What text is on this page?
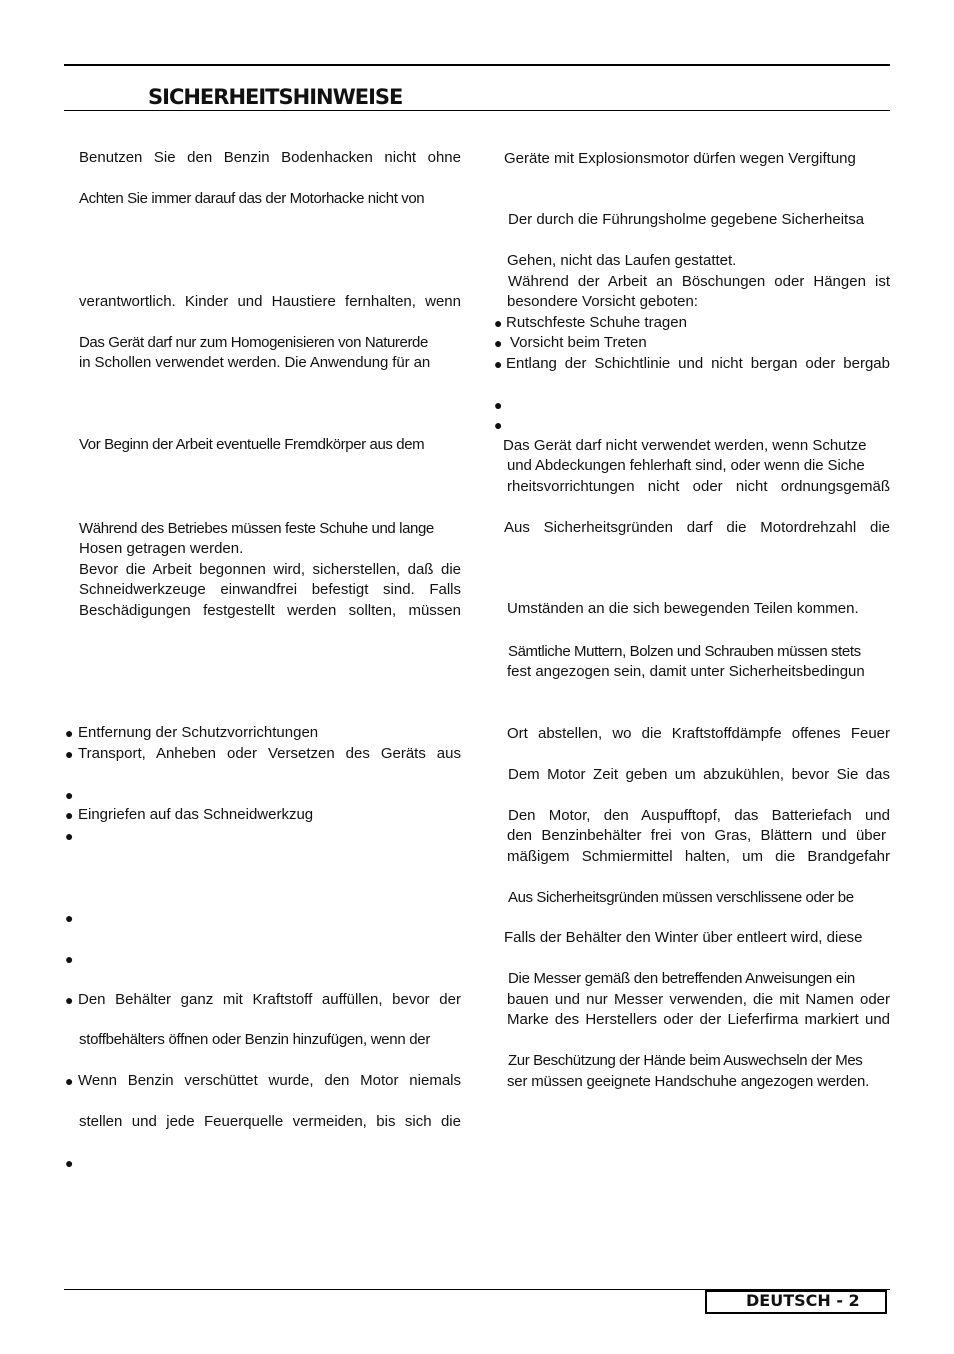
SICHERHEITSHINWEISE
Benutzen Sie den Benzin Bodenhacken nicht ohne
Achten Sie immer darauf das der Motorhacke nicht von
verantwortlich. Kinder und Haustiere fernhalten, wenn
Das Gerät darf nur zum Homogenisieren von Naturerde
in Schollen verwendet werden. Die Anwendung für an
Vor Beginn der Arbeit eventuelle Fremdkörper aus dem
Während des Betriebes müssen feste Schuhe und lange
Hosen getragen werden.
Bevor die Arbeit begonnen wird, sicherstellen, daß die
Schneidwerkzeuge einwandfrei befestigt sind. Falls
Beschädigungen festgestellt werden sollten, müssen
● Entfernung der Schutzvorrichtungen
● Transport, Anheben oder Versetzen des Geräts aus
●
● Eingriefen auf das Schneidwerkzug
●
●
●
● Den Behälter ganz mit Kraftstoff auffüllen, bevor der
stoffbehälters öffnen oder Benzin hinzufügen, wenn der
● Wenn Benzin verschüttet wurde, den Motor niemals
stellen und jede Feuerquelle vermeiden, bis sich die
●
Geräte mit Explosionsmotor dürfen wegen Vergiftung
Der durch die Führungsholme gegebene Sicherheitsa
Gehen, nicht das Laufen gestattet.
Während der Arbeit an Böschungen oder Hängen ist
besondere Vorsicht geboten:
● Rutschfeste Schuhe tragen
● Vorsicht beim Treten
● Entlang der Schichtlinie und nicht bergan oder bergab
●
●
Das Gerät darf nicht verwendet werden, wenn Schutze
und Abdeckungen fehlerhaft sind, oder wenn die Siche
rheitsvorrichtungen nicht oder nicht ordnungsgemäß
Aus Sicherheitsgründen darf die Motordrehzahl die
Umständen an die sich bewegenden Teilen kommen.
Sämtliche Muttern, Bolzen und Schrauben müssen stets
fest angezogen sein, damit unter Sicherheitsbedingun
Ort abstellen, wo die Kraftstoffdämpfe offenes Feuer
Dem Motor Zeit geben um abzukühlen, bevor Sie das
Den Motor, den Auspufftopf, das Batteriefach und
den Benzinbehälter frei von Gras, Blättern und über
mäßigem Schmiermittel halten, um die Brandgefahr
Aus Sicherheitsgründen müssen verschlissene oder be
Falls der Behälter den Winter über entleert wird, diese
Die Messer gemäß den betreffenden Anweisungen ein
bauen und nur Messer verwenden, die mit Namen oder
Marke des Herstellers oder der Lieferfirma markiert und
Zur Beschützung der Hände beim Auswechseln der Mes
ser müssen geeignete Handschuhe angezogen werden.
DEUTSCH - 2
